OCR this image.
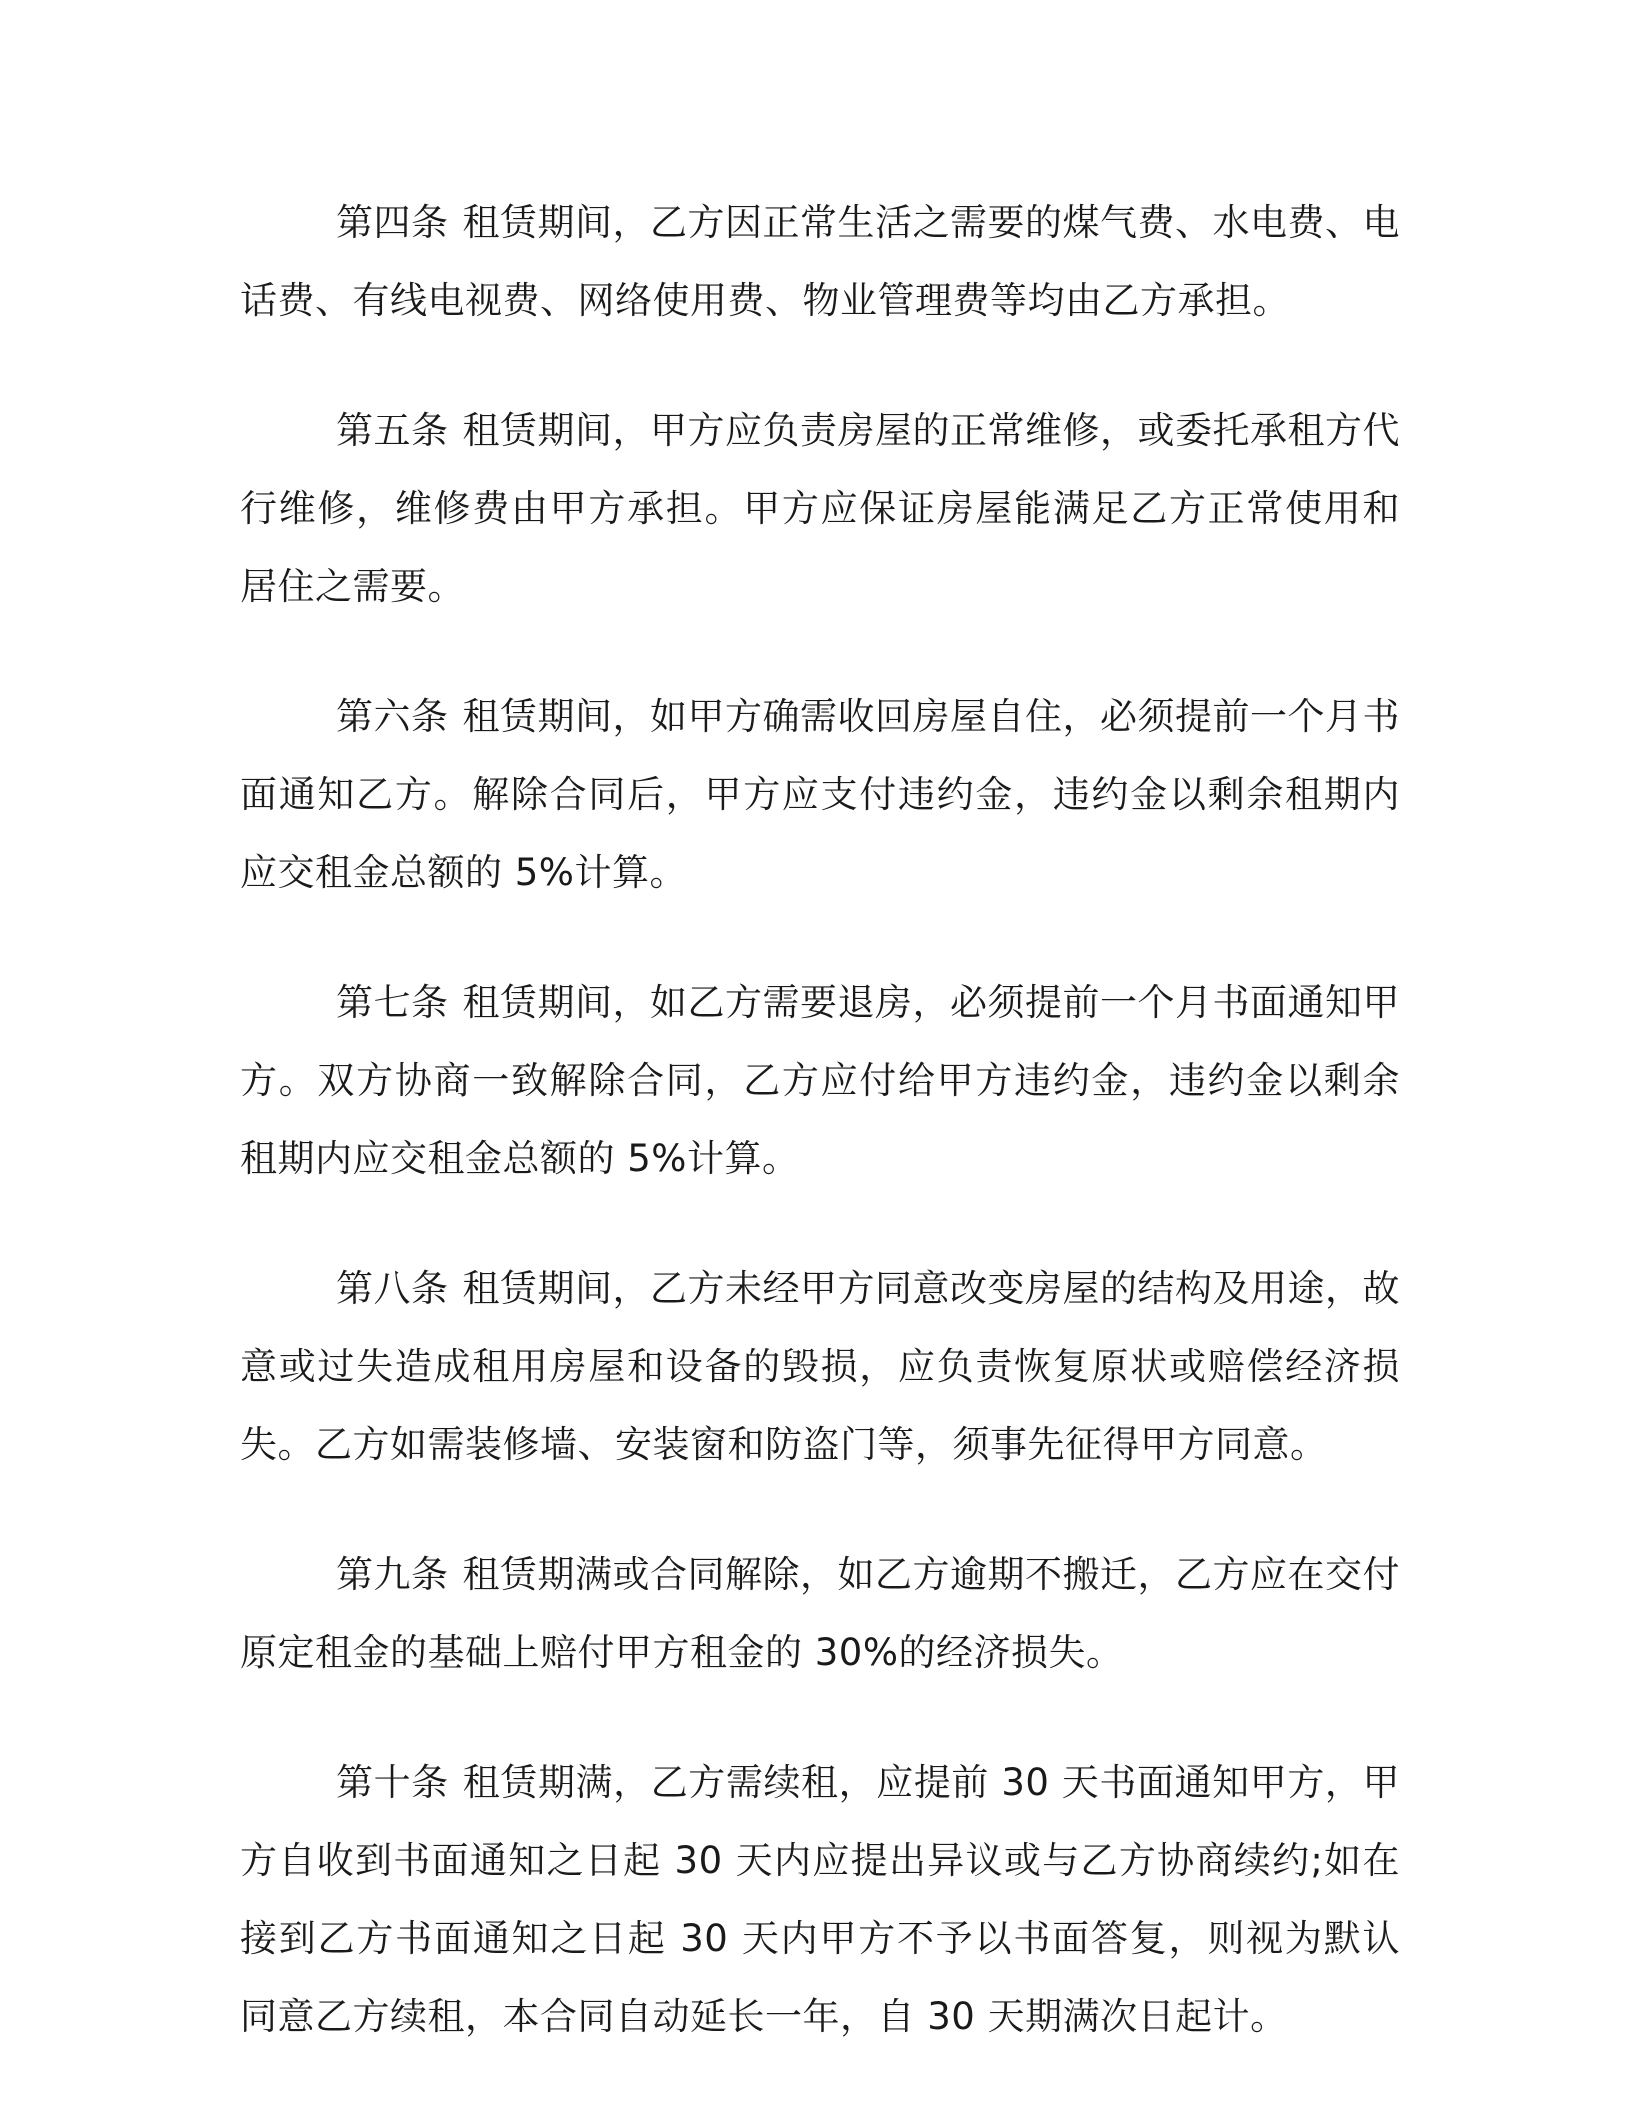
第四条 租赁期间，乙方因正常生活之需要的煤气费、水电费、电话费、有线电视费、网络使用费、物业管理费等均由乙方承担。

第五条 租赁期间，甲方应负责房屋的正常维修，或委托承租方代行维修，维修费由甲方承担。甲方应保证房屋能满足乙方正常使用和居住之需要。

第六条 租赁期间，如甲方确需收回房屋自住，必须提前一个月书面通知乙方。解除合同后，甲方应支付违约金，违约金以剩余租期内应交租金总额的 5%计算。

第七条 租赁期间，如乙方需要退房，必须提前一个月书面通知甲方。双方协商一致解除合同，乙方应付给甲方违约金，违约金以剩余租期内应交租金总额的 5%计算。

第八条 租赁期间，乙方未经甲方同意改变房屋的结构及用途，故意或过失造成租用房屋和设备的毁损，应负责恢复原状或赔偿经济损失。乙方如需装修墙、安装窗和防盗门等，须事先征得甲方同意。

第九条 租赁期满或合同解除，如乙方逾期不搬迁，乙方应在交付原定租金的基础上赔付甲方租金的 30%的经济损失。

第十条 租赁期满，乙方需续租，应提前 30 天书面通知甲方，甲方自收到书面通知之日起 30 天内应提出异议或与乙方协商续约;如在接到乙方书面通知之日起 30 天内甲方不予以书面答复，则视为默认同意乙方续租，本合同自动延长一年，自 30 天期满次日起计。
